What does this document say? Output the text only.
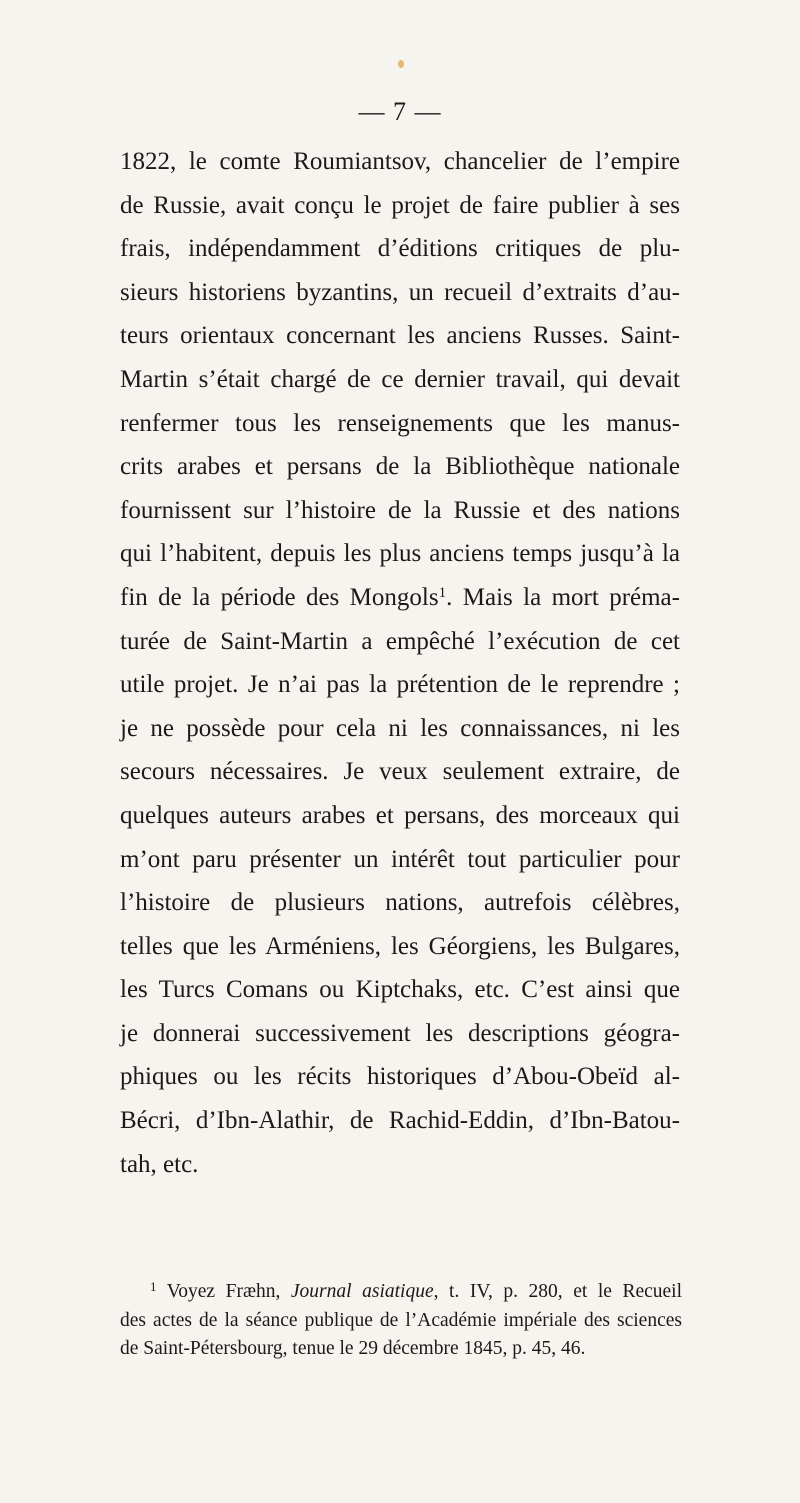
— 7 —
1822, le comte Roumiantsov, chancelier de l’empire
de Russie, avait conçu le projet de faire publier à ses
frais, indépendamment d’éditions critiques de plu-
sieurs historiens byzantins, un recueil d’extraits d’au-
teurs orientaux concernant les anciens Russes. Saint-
Martin s’était chargé de ce dernier travail, qui devait
renfermer tous les renseignements que les manus-
crits arabes et persans de la Bibliothèque nationale
fournissent sur l’histoire de la Russie et des nations
qui l’habitent, depuis les plus anciens temps jusqu’à la
fin de la période des Mongols$^1$. Mais la mort préma-
turée de Saint-Martin a empêché l’exécution de cet
utile projet. Je n’ai pas la prétention de le reprendre ;
je ne possède pour cela ni les connaissances, ni les
secours nécessaires. Je veux seulement extraire, de
quelques auteurs arabes et persans, des morceaux qui
m’ont paru présenter un intérêt tout particulier pour
l’histoire de plusieurs nations, autrefois célèbres,
telles que les Arméniens, les Géorgiens, les Bulgares,
les Turcs Comans ou Kiptchaks, etc. C’est ainsi que
je donnerai successivement les descriptions géogra-
phiques ou les récits historiques d’Abou-Obeïd al-
Bécri, d’Ibn-Alathir, de Rachid-Eddin, d’Ibn-Batou-
tah, etc.
$^1$ Voyez Fræhn, Journal asiatique, t. IV, p. 280, et le Recueil
des actes de la séance publique de l’Académie impériale des sciences
de Saint-Pétersbourg, tenue le 29 décembre 1845, p. 45, 46.
